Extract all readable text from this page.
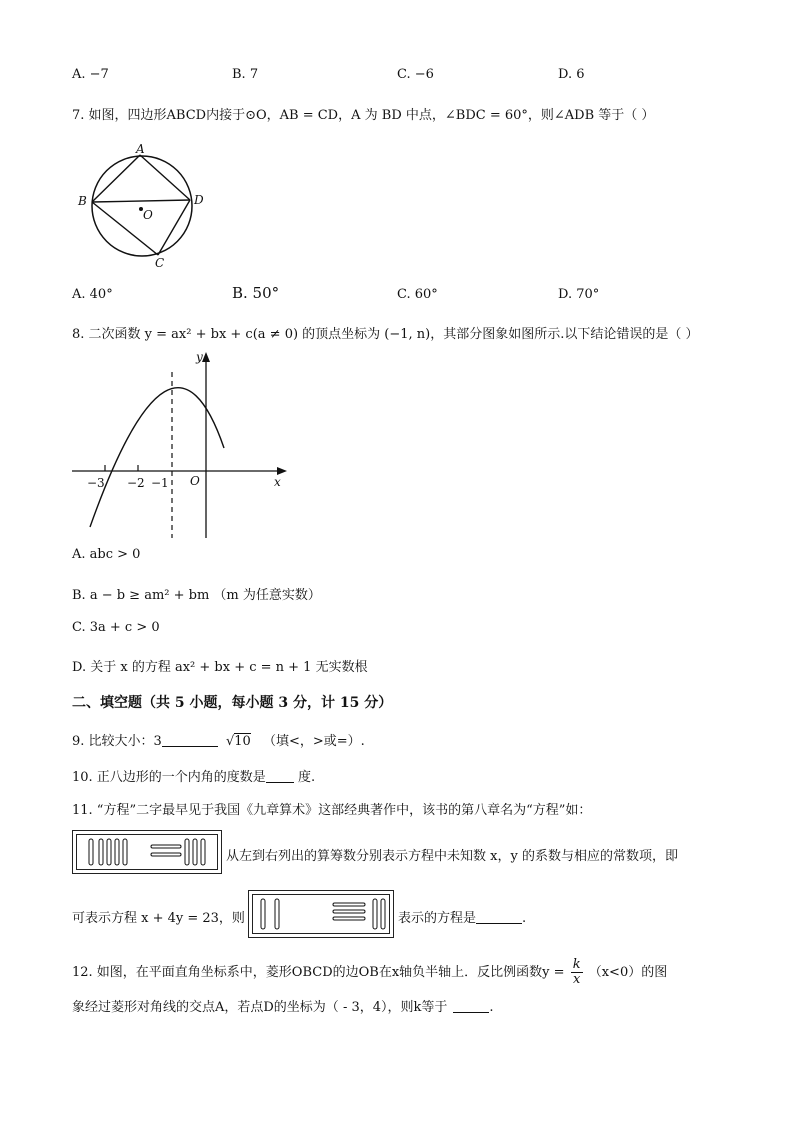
A. −7	B. 7	C. −6	D. 6
7. 如图，四边形ABCD内接于⊙O，AB = CD，A 为 BD 中点，∠BDC = 60°，则∠ADB 等于（ ）
A
B	D
C
O
A. 40°	B. 50°	C. 60°	D. 70°
8. 二次函数 y = ax² + bx + c(a ≠ 0) 的顶点坐标为 (−1, n)，其部分图象如图所示.以下结论错误的是（ ）
y
x
O
−3 −2 −1
A. abc > 0
B. a − b ≥ am² + bm （m 为任意实数）
C. 3a + c > 0
D. 关于 x 的方程 ax² + bx + c = n + 1 无实数根
二、填空题（共 5 小题，每小题 3 分，计 15 分）
9. 比较大小：3	√10 （填<，>或=）.
10. 正八边形的一个内角的度数是 度.
11. “方程”二字最早见于我国《九章算术》这部经典著作中，该书的第八章名为“方程”如：
从左到右列出的算筹数分别表示方程中未知数 x，y 的系数与相应的常数项，即
可表示方程 x + 4y = 23，则	表示的方程是	.
12. 如图，在平面直角坐标系中，菱形OBCD的边OB在x轴负半轴上．反比例函数$y = \frac{k}{x} (x<0)$的图
象经过菱形对角线的交点A，若点D的坐标为（ - 3，4），则k等于	.
